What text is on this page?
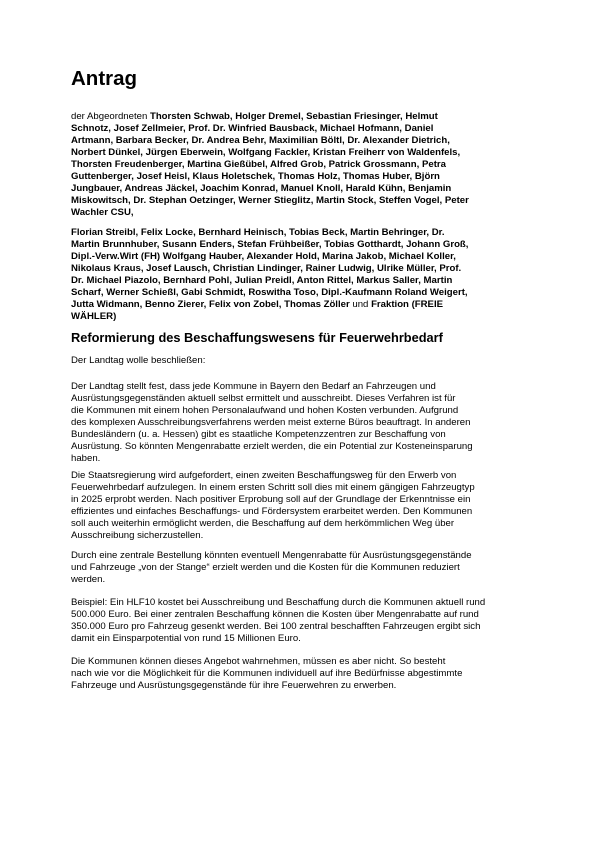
Antrag
der Abgeordneten Thorsten Schwab, Holger Dremel, Sebastian Friesinger, Helmut
Schnotz, Josef Zellmeier, Prof. Dr. Winfried Bausback, Michael Hofmann, Daniel
Artmann, Barbara Becker, Dr. Andrea Behr, Maximilian Böltl, Dr. Alexander Dietrich,
Norbert Dünkel, Jürgen Eberwein, Wolfgang Fackler, Kristan Freiherr von Waldenfels,
Thorsten Freudenberger, Martina Gießübel, Alfred Grob, Patrick Grossmann, Petra
Guttenberger, Josef Heisl, Klaus Holetschek, Thomas Holz, Thomas Huber, Björn
Jungbauer, Andreas Jäckel, Joachim Konrad, Manuel Knoll, Harald Kühn, Benjamin
Miskowitsch, Dr. Stephan Oetzinger, Werner Stieglitz, Martin Stock, Steffen Vogel, Peter
Wachler CSU,
Florian Streibl, Felix Locke, Bernhard Heinisch, Tobias Beck, Martin Behringer, Dr.
Martin Brunnhuber, Susann Enders, Stefan Frühbeißer, Tobias Gotthardt, Johann Groß,
Dipl.-Verw.Wirt (FH) Wolfgang Hauber, Alexander Hold, Marina Jakob, Michael Koller,
Nikolaus Kraus, Josef Lausch, Christian Lindinger, Rainer Ludwig, Ulrike Müller, Prof.
Dr. Michael Piazolo, Bernhard Pohl, Julian Preidl, Anton Rittel, Markus Saller, Martin
Scharf, Werner Schießl, Gabi Schmidt, Roswitha Toso, Dipl.-Kaufmann Roland Weigert,
Jutta Widmann, Benno Zierer, Felix von Zobel, Thomas Zöller und Fraktion (FREIE
WÄHLER)
Reformierung des Beschaffungswesens für Feuerwehrbedarf

Der Landtag wolle beschließen:

Der Landtag stellt fest, dass jede Kommune in Bayern den Bedarf an Fahrzeugen und
Ausrüstungsgegenständen aktuell selbst ermittelt und ausschreibt. Dieses Verfahren ist für
die Kommunen mit einem hohen Personalaufwand und hohen Kosten verbunden. Aufgrund
des komplexen Ausschreibungsverfahrens werden meist externe Büros beauftragt. In anderen
Bundesländern (u. a. Hessen) gibt es staatliche Kompetenzzentren zur Beschaffung von
Ausrüstung. So könnten Mengenrabatte erzielt werden, die ein Potential zur Kosteneinsparung
haben.

Die Staatsregierung wird aufgefordert, einen zweiten Beschaffungsweg für den Erwerb von
Feuerwehrbedarf aufzulegen. In einem ersten Schritt soll dies mit einem gängigen Fahrzeugtyp
in 2025 erprobt werden. Nach positiver Erprobung soll auf der Grundlage der Erkenntnisse ein
effizientes und einfaches Beschaffungs- und Fördersystem erarbeitet werden. Den Kommunen
soll auch weiterhin ermöglicht werden, die Beschaffung auf dem herkömmlichen Weg über
Ausschreibung sicherzustellen.

Durch eine zentrale Bestellung könnten eventuell Mengenrabatte für Ausrüstungsgegenstände
und Fahrzeuge „von der Stange“ erzielt werden und die Kosten für die Kommunen reduziert
werden.

Beispiel: Ein HLF10 kostet bei Ausschreibung und Beschaffung durch die Kommunen aktuell rund
500.000 Euro. Bei einer zentralen Beschaffung können die Kosten über Mengenrabatte auf rund
350.000 Euro pro Fahrzeug gesenkt werden. Bei 100 zentral beschafften Fahrzeugen ergibt sich
damit ein Einsparpotential von rund 15 Millionen Euro.

Die Kommunen können dieses Angebot wahrnehmen, müssen es aber nicht. So besteht
nach wie vor die Möglichkeit für die Kommunen individuell auf ihre Bedürfnisse abgestimmte
Fahrzeuge und Ausrüstungsgegenstände für ihre Feuerwehren zu erwerben.
